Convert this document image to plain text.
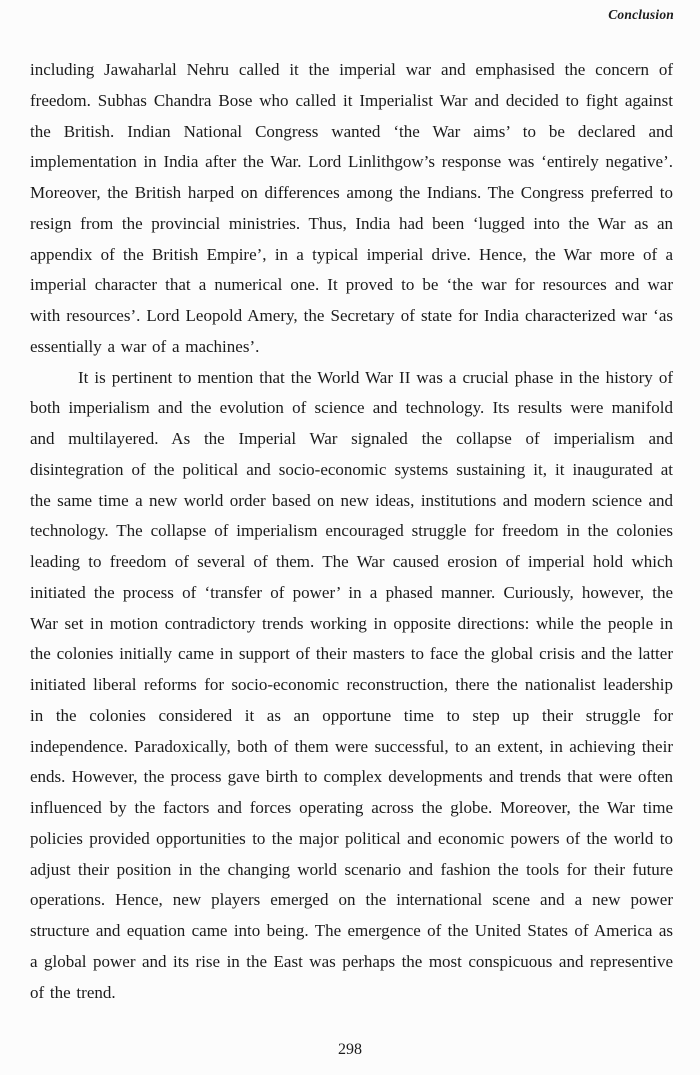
Conclusion

including Jawaharlal Nehru called it the imperial war and emphasised the concern of freedom. Subhas Chandra Bose who called it Imperialist War and decided to fight against the British. Indian National Congress wanted ‘the War aims’ to be declared and implementation in India after the War. Lord Linlithgow’s response was ‘entirely negative’. Moreover, the British harped on differences among the Indians. The Congress preferred to resign from the provincial ministries. Thus, India had been ‘lugged into the War as an appendix of the British Empire’, in a typical imperial drive. Hence, the War more of a imperial character that a numerical one. It proved to be ‘the war for resources and war with resources’. Lord Leopold Amery, the Secretary of state for India characterized war ‘as essentially a war of a machines’.

It is pertinent to mention that the World War II was a crucial phase in the history of both imperialism and the evolution of science and technology. Its results were manifold and multilayered. As the Imperial War signaled the collapse of imperialism and disintegration of the political and socio-economic systems sustaining it, it inaugurated at the same time a new world order based on new ideas, institutions and modern science and technology. The collapse of imperialism encouraged struggle for freedom in the colonies leading to freedom of several of them. The War caused erosion of imperial hold which initiated the process of ‘transfer of power’ in a phased manner. Curiously, however, the War set in motion contradictory trends working in opposite directions: while the people in the colonies initially came in support of their masters to face the global crisis and the latter initiated liberal reforms for socio-economic reconstruction, there the nationalist leadership in the colonies considered it as an opportune time to step up their struggle for independence. Paradoxically, both of them were successful, to an extent, in achieving their ends. However, the process gave birth to complex developments and trends that were often influenced by the factors and forces operating across the globe. Moreover, the War time policies provided opportunities to the major political and economic powers of the world to adjust their position in the changing world scenario and fashion the tools for their future operations. Hence, new players emerged on the international scene and a new power structure and equation came into being. The emergence of the United States of America as a global power and its rise in the East was perhaps the most conspicuous and representive of the trend.

298
